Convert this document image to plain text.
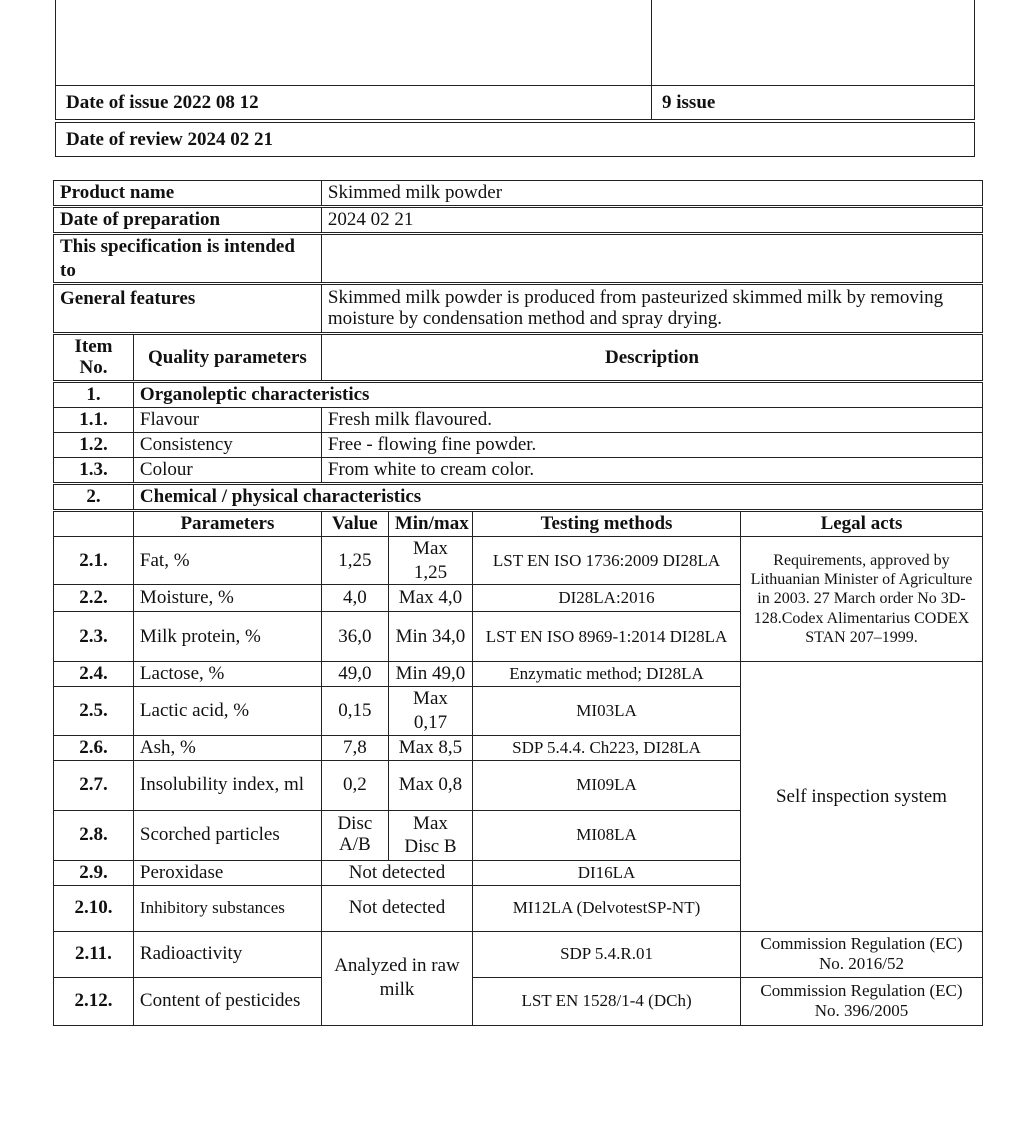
Date of issue 2022 08 12	9 issue

Date of review 2024 02 21	
Product name		Skimmed milk powder			
Date of preparation		2024 02 21			
This specification is intended to					
General features		Skimmed milk powder is produced from pasteurized skimmed milk by removing moisture by condensation method and spray drying.			
Item No.	Quality parameters	Description			
1.	Organoleptic characteristics				
1.1.	Flavour	Fresh milk flavoured.			
1.2.	Consistency	Free - flowing fine powder.			
1.3.	Colour	From white to cream color.			
2.	Chemical / physical characteristics				
	Parameters	Value	Min/max	Testing methods	Legal acts
2.1.	Fat, %	1,25	Max 1,25	LST EN ISO 1736:2009 DI28LA	Requirements, approved by Lithuanian Minister of Agriculture in 2003. 27 March order No 3D-128.Codex Alimentarius CODEX STAN 207–1999.
2.2.	Moisture, %	4,0	Max 4,0	DI28LA:2016	
2.3.	Milk protein, %	36,0	Min 34,0	LST EN ISO 8969-1:2014 DI28LA	
2.4.	Lactose, %	49,0	Min 49,0	Enzymatic method; DI28LA	Self inspection system
2.5.	Lactic acid, %	0,15	Max 0,17	MI03LA	
2.6.	Ash, %	7,8	Max 8,5	SDP 5.4.4. Ch223, DI28LA	
2.7.	Insolubility index, ml	0,2	Max 0,8	MI09LA	
2.8.	Scorched particles	Disc A/B	Max Disc B	MI08LA	
2.9.	Peroxidase	Not detected		DI16LA	
2.10.	Inhibitory substances	Not detected		MI12LA (DelvotestSP-NT)	
2.11.	Radioactivity	Analyzed in raw milk		SDP 5.4.R.01	Commission Regulation (EC) No. 2016/52
2.12.	Content of pesticides			LST EN 1528/1-4 (DCh)	Commission Regulation (EC) No. 396/2005
